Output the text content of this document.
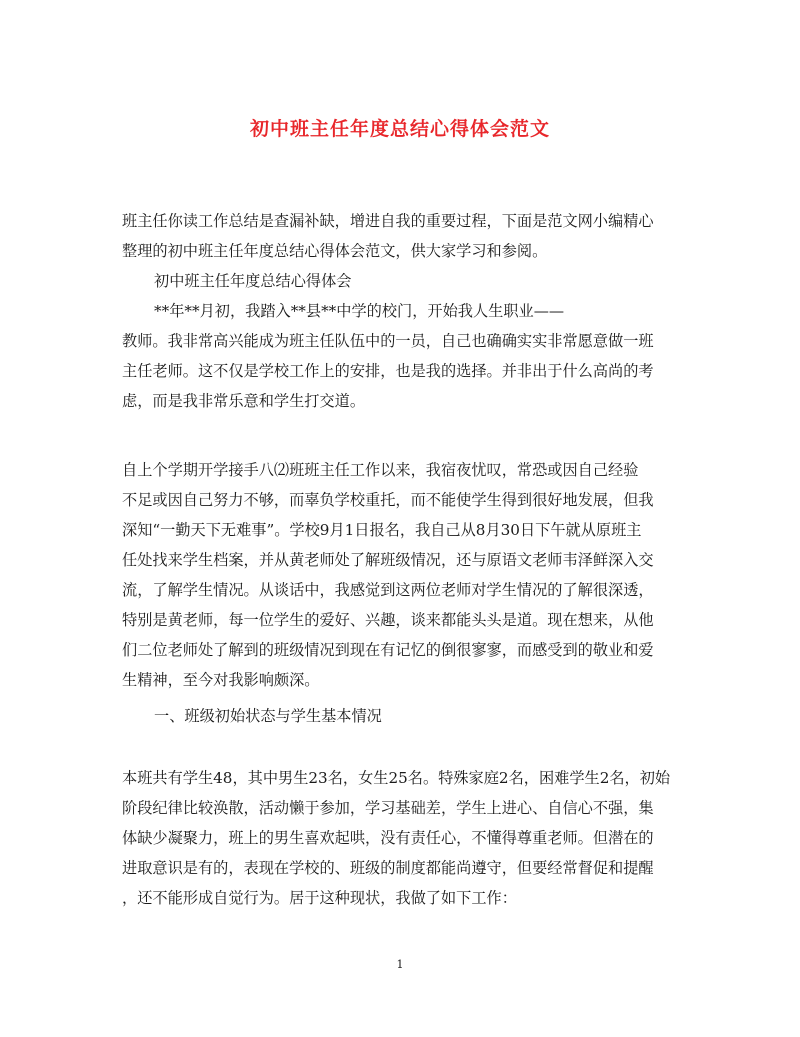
初中班主任年度总结心得体会范文
班主任你读工作总结是查漏补缺，增进自我的重要过程，下面是范文网小编精心
整理的初中班主任年度总结心得体会范文，供大家学习和参阅。
初中班主任年度总结心得体会
**年**月初，我踏入**县**中学的校门，开始我人生职业——
教师。我非常高兴能成为班主任队伍中的一员，自己也确确实实非常愿意做一班
主任老师。这不仅是学校工作上的安排，也是我的选择。并非出于什么高尚的考
虑，而是我非常乐意和学生打交道。
自上个学期开学接手八⑵班班主任工作以来，我宿夜忧叹，常恐或因自己经验
不足或因自己努力不够，而辜负学校重托，而不能使学生得到很好地发展，但我
深知“一勤天下无难事”。学校9月1日报名，我自己从8月30日下午就从原班主
任处找来学生档案，并从黄老师处了解班级情况，还与原语文老师韦泽鲜深入交
流，了解学生情况。从谈话中，我感觉到这两位老师对学生情况的了解很深透，
特别是黄老师，每一位学生的爱好、兴趣，谈来都能头头是道。现在想来，从他
们二位老师处了解到的班级情况到现在有记忆的倒很寥寥，而感受到的敬业和爱
生精神，至今对我影响颇深。
一、班级初始状态与学生基本情况
本班共有学生48，其中男生23名，女生25名。特殊家庭2名，困难学生2名，初始
阶段纪律比较涣散，活动懒于参加，学习基础差，学生上进心、自信心不强，集
体缺少凝聚力，班上的男生喜欢起哄，没有责任心，不懂得尊重老师。但潜在的
进取意识是有的，表现在学校的、班级的制度都能尚遵守，但要经常督促和提醒
，还不能形成自觉行为。居于这种现状，我做了如下工作：
1
